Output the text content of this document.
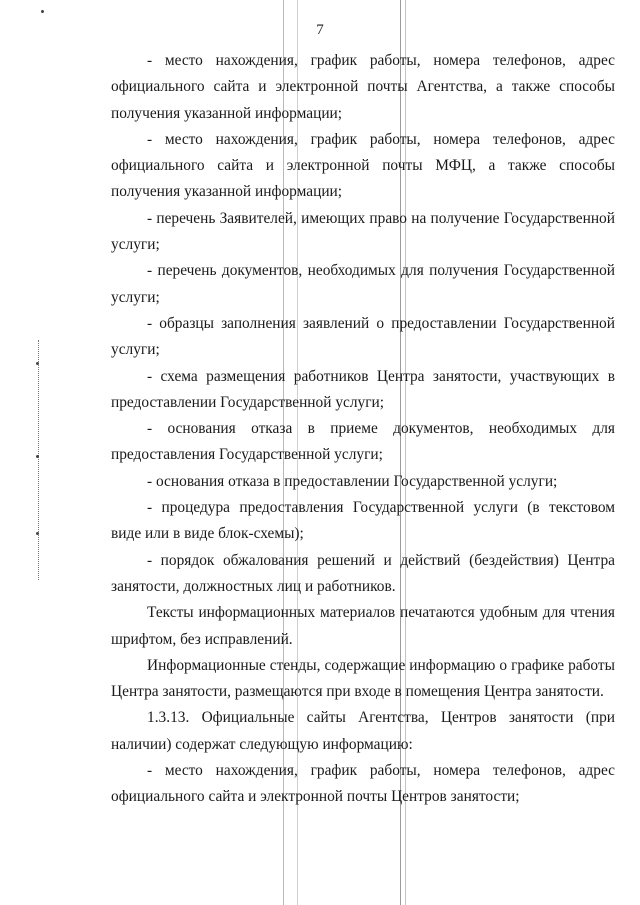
7

- место нахождения, график работы, номера телефонов, адрес официального сайта и электронной почты Агентства, а также способы получения указанной информации;

- место нахождения, график работы, номера телефонов, адрес официального сайта и электронной почты МФЦ, а также способы получения указанной информации;

- перечень Заявителей, имеющих право на получение Государственной услуги;

- перечень документов, необходимых для получения Государственной услуги;

- образцы заполнения заявлений о предоставлении Государственной услуги;

- схема размещения работников Центра занятости, участвующих в предоставлении Государственной услуги;

- основания отказа в приеме документов, необходимых для предоставления Государственной услуги;

- основания отказа в предоставлении Государственной услуги;

- процедура предоставления Государственной услуги (в текстовом виде или в виде блок-схемы);

- порядок обжалования решений и действий (бездействия) Центра занятости, должностных лиц и работников.

Тексты информационных материалов печатаются удобным для чтения шрифтом, без исправлений.

Информационные стенды, содержащие информацию о графике работы Центра занятости, размещаются при входе в помещения Центра занятости.

1.3.13. Официальные сайты Агентства, Центров занятости (при наличии) содержат следующую информацию:

- место нахождения, график работы, номера телефонов, адрес официального сайта и электронной почты Центров занятости;
